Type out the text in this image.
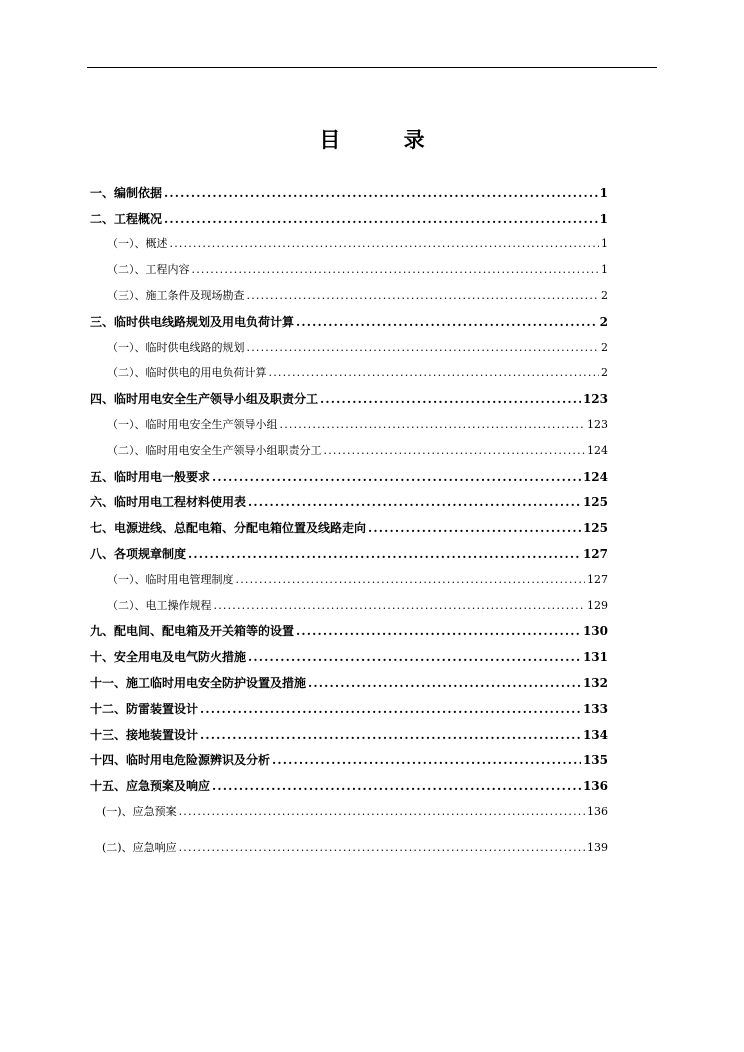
目 录
一、编制依据 .....	1
二、工程概况 .....	1
（一）、概述 .....	1
（二）、工程内容 .....	1
（三）、施工条件及现场勘查 .....	2
三、临时供电线路规划及用电负荷计算 .....	2
（一）、临时供电线路的规划 .....	2
（二）、临时供电的用电负荷计算 .....	2
四、临时用电安全生产领导小组及职责分工 .....	123
（一）、临时用电安全生产领导小组 .....	123
（二）、临时用电安全生产领导小组职责分工 .....	124
五、临时用电一般要求 .....	124
六、临时用电工程材料使用表 .....	125
七、电源进线、总配电箱、分配电箱位置及线路走向 .....	125
八、各项规章制度 .....	127
（一）、临时用电管理制度 .....	127
（二）、电工操作规程 .....	129
九、配电间、配电箱及开关箱等的设置 .....	130
十、安全用电及电气防火措施 .....	131
十一、施工临时用电安全防护设置及措施 .....	132
十二、防雷装置设计 .....	133
十三、接地装置设计 .....	134
十四、临时用电危险源辨识及分析 .....	135
十五、应急预案及响应 .....	136
(一)、应急预案 .....	136
(二)、应急响应 .....	139
